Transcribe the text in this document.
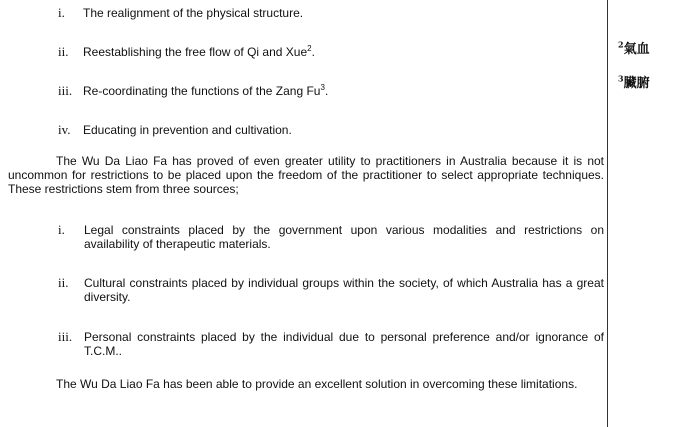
i.	The realignment of the physical structure.
ii.	Reestablishing the free flow of Qi and Xue$^2$.
iii. Re-coordinating the functions of the Zang Fu$^3$.
iv.	Educating in prevention and cultivation.
The Wu Da Liao Fa has proved of even greater utility to practitioners in Australia because it is not uncommon for restrictions to be placed upon the freedom of the practitioner to select appropriate techniques. These restrictions stem from three sources;
i.	Legal constraints placed by the government upon various modalities and restrictions on availability of therapeutic materials.
ii.	Cultural constraints placed by individual groups within the society, of which Australia has a great diversity.
iii. Personal constraints placed by the individual due to personal preference and/or ignorance of T.C.M..
The Wu Da Liao Fa has been able to provide an excellent solution in overcoming these limitations.
$^2$氣血
$^3$臟腑
